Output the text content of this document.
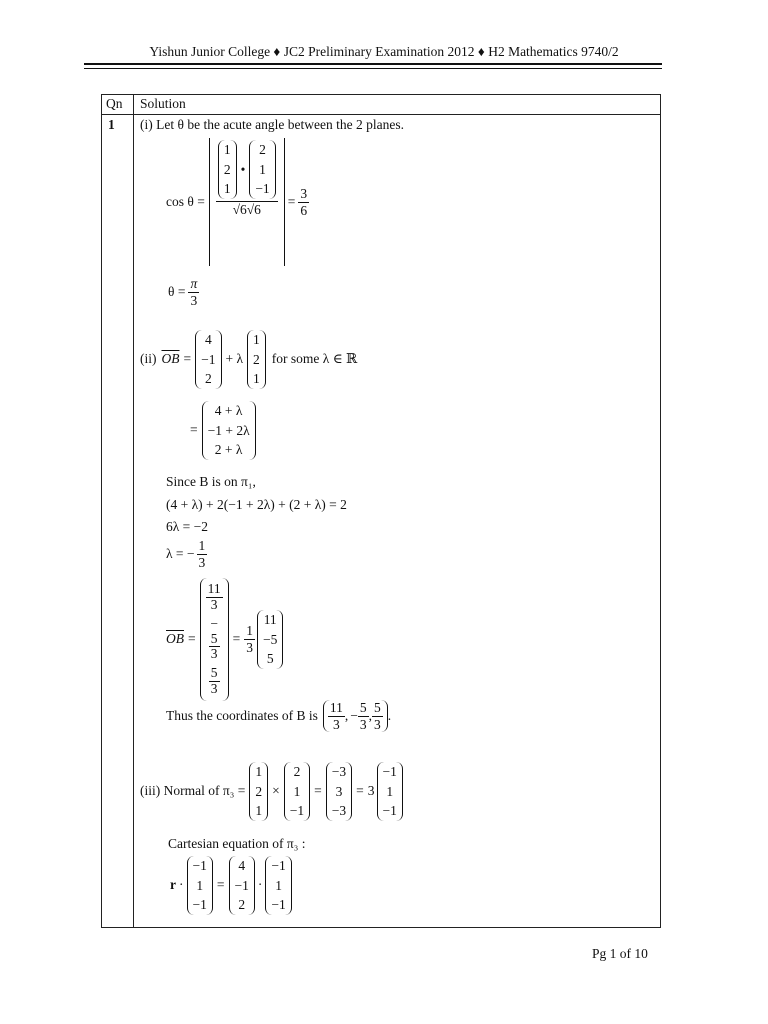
Yishun Junior College ♦ JC2 Preliminary Examination 2012 ♦ H2 Mathematics 9740/2
Qn Solution
1 (i) Let θ be the acute angle between the 2 planes.
cos θ = 1
2
1
•
2
1
−1
$√6√6 = \frac{3}{6}$
$\theta = \frac{\pi}{3}$
(ii) $\overline{OB}$ =
4
−1
2
+ λ
1
2
1
for some λ ∈ ℝ
=
4 + λ
−1 + 2λ
2 + λ
Since B is on π₁,
(4 + λ) + 2(−1 + 2λ) + (2 + λ) = 2
6λ = −2
λ = − $\frac{1}{3}$
$\overline{OB}$ =
$\frac{11}{3}$
−
5
3
$\frac{5}{3}$
= $\frac{1}{3}$
11
−5
5
Thus the coordinates of B is $\frac{11}{3}$ , − $\frac{5}{3}$ , $\frac{5}{3}$ .
(iii) Normal of π₃ =
1
2
1
×
2
1
−1
=
−3
3
−3
= 3
−1
1
−1
Cartesian equation of π₃ :
r ·
−1
1
−1
=
4
−1
2
·
−1
1
−1
Pg 1 of 10
